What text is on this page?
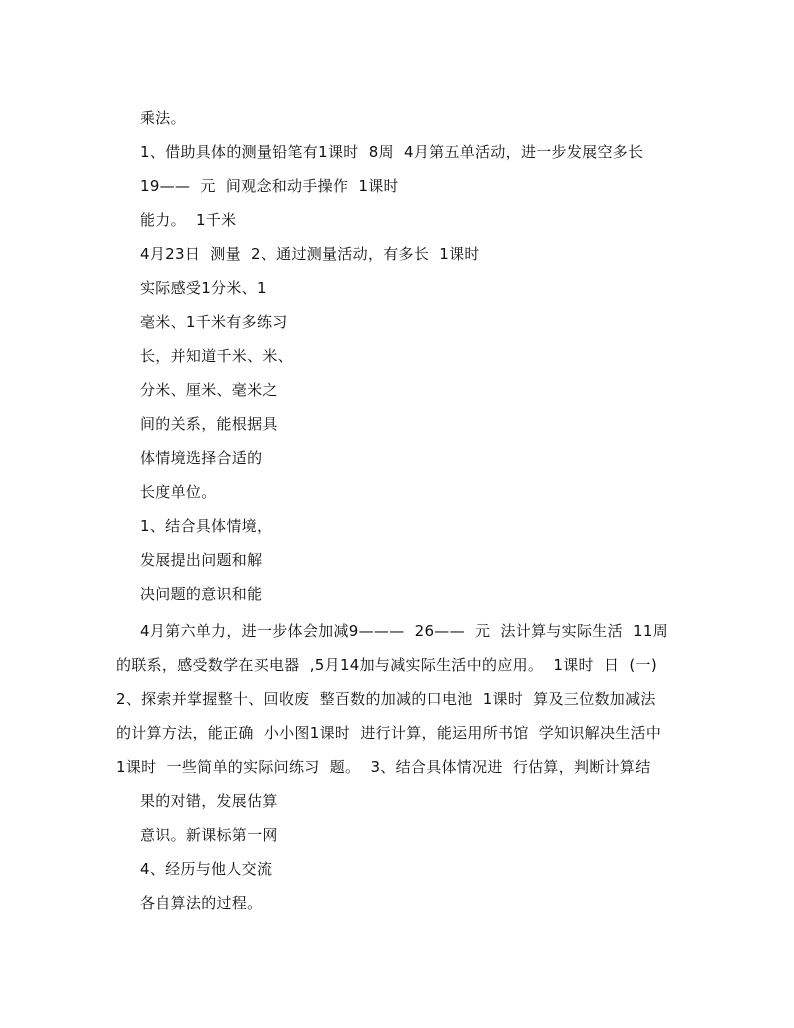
乘法。
1、借助具体的测量铅笔有1课时  8周  4月第五单活动，进一步发展空多长
19——  元  间观念和动手操作  1课时
能力。  1千米
4月23日  测量  2、通过测量活动，有多长  1课时
实际感受1分米、1
毫米、1千米有多练习
长，并知道千米、米、
分米、厘米、毫米之
间的关系，能根据具
体情境选择合适的
长度单位。
1、结合具体情境，
发展提出问题和解
决问题的意识和能
4月第六单力，进一步体会加减9———  26——  元  法计算与实际生活  11周
的联系，感受数学在买电器  ,5月14加与减实际生活中的应用。  1课时  日  (一)
2、探索并掌握整十、回收废  整百数的加减的口电池  1课时  算及三位数加减法
的计算方法，能正确  小小图1课时  进行计算，能运用所书馆  学知识解决生活中
1课时  一些简单的实际问练习  题。  3、结合具体情况进  行估算，判断计算结
果的对错，发展估算
意识。新课标第一网
4、经历与他人交流
各自算法的过程。
